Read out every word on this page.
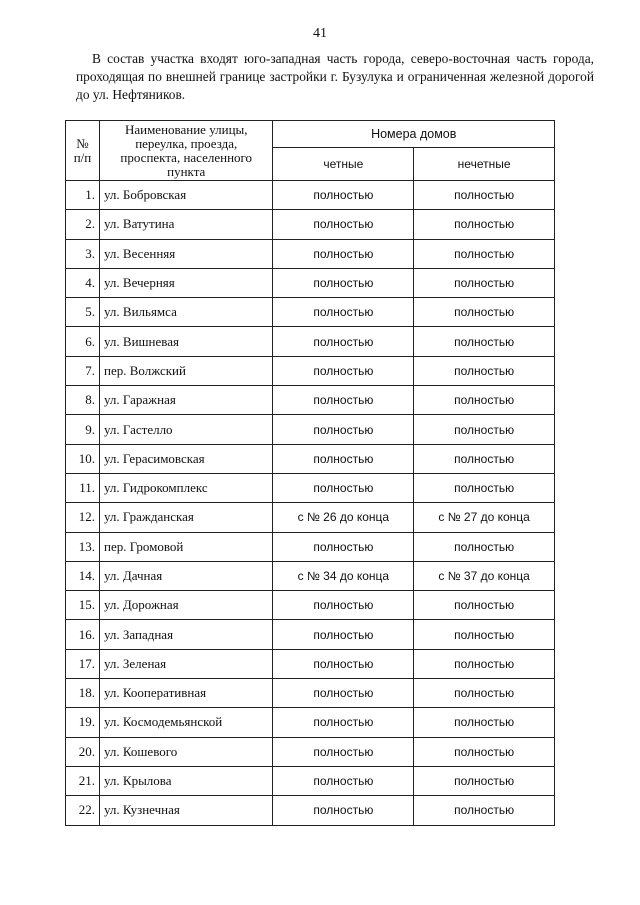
41

В состав участка входят юго-западная часть города, северо-восточная часть города, проходящая по внешней границе застройки г. Бузулука и ограниченная железной дорогой до ул. Нефтяников.

№ п/п	Наименование улицы, переулка, проезда, проспекта, населенного пункта	Номера домов	
		четные	нечетные
1.	ул. Бобровская	полностью	полностью
2.	ул. Ватутина	полностью	полностью
3.	ул. Весенняя	полностью	полностью
4.	ул. Вечерняя	полностью	полностью
5.	ул. Вильямса	полностью	полностью
6.	ул. Вишневая	полностью	полностью
7.	пер. Волжский	полностью	полностью
8.	ул. Гаражная	полностью	полностью
9.	ул. Гастелло	полностью	полностью
10.	ул. Герасимовская	полностью	полностью
11.	ул. Гидрокомплекс	полностью	полностью
12.	ул. Гражданская	с № 26 до конца	с № 27 до конца
13.	пер. Громовой	полностью	полностью
14.	ул. Дачная	с № 34 до конца	с № 37 до конца
15.	ул. Дорожная	полностью	полностью
16.	ул. Западная	полностью	полностью
17.	ул. Зеленая	полностью	полностью
18.	ул. Кооперативная	полностью	полностью
19.	ул. Космодемьянской	полностью	полностью
20.	ул. Кошевого	полностью	полностью
21.	ул. Крылова	полностью	полностью
22.	ул. Кузнечная	полностью	полностью
